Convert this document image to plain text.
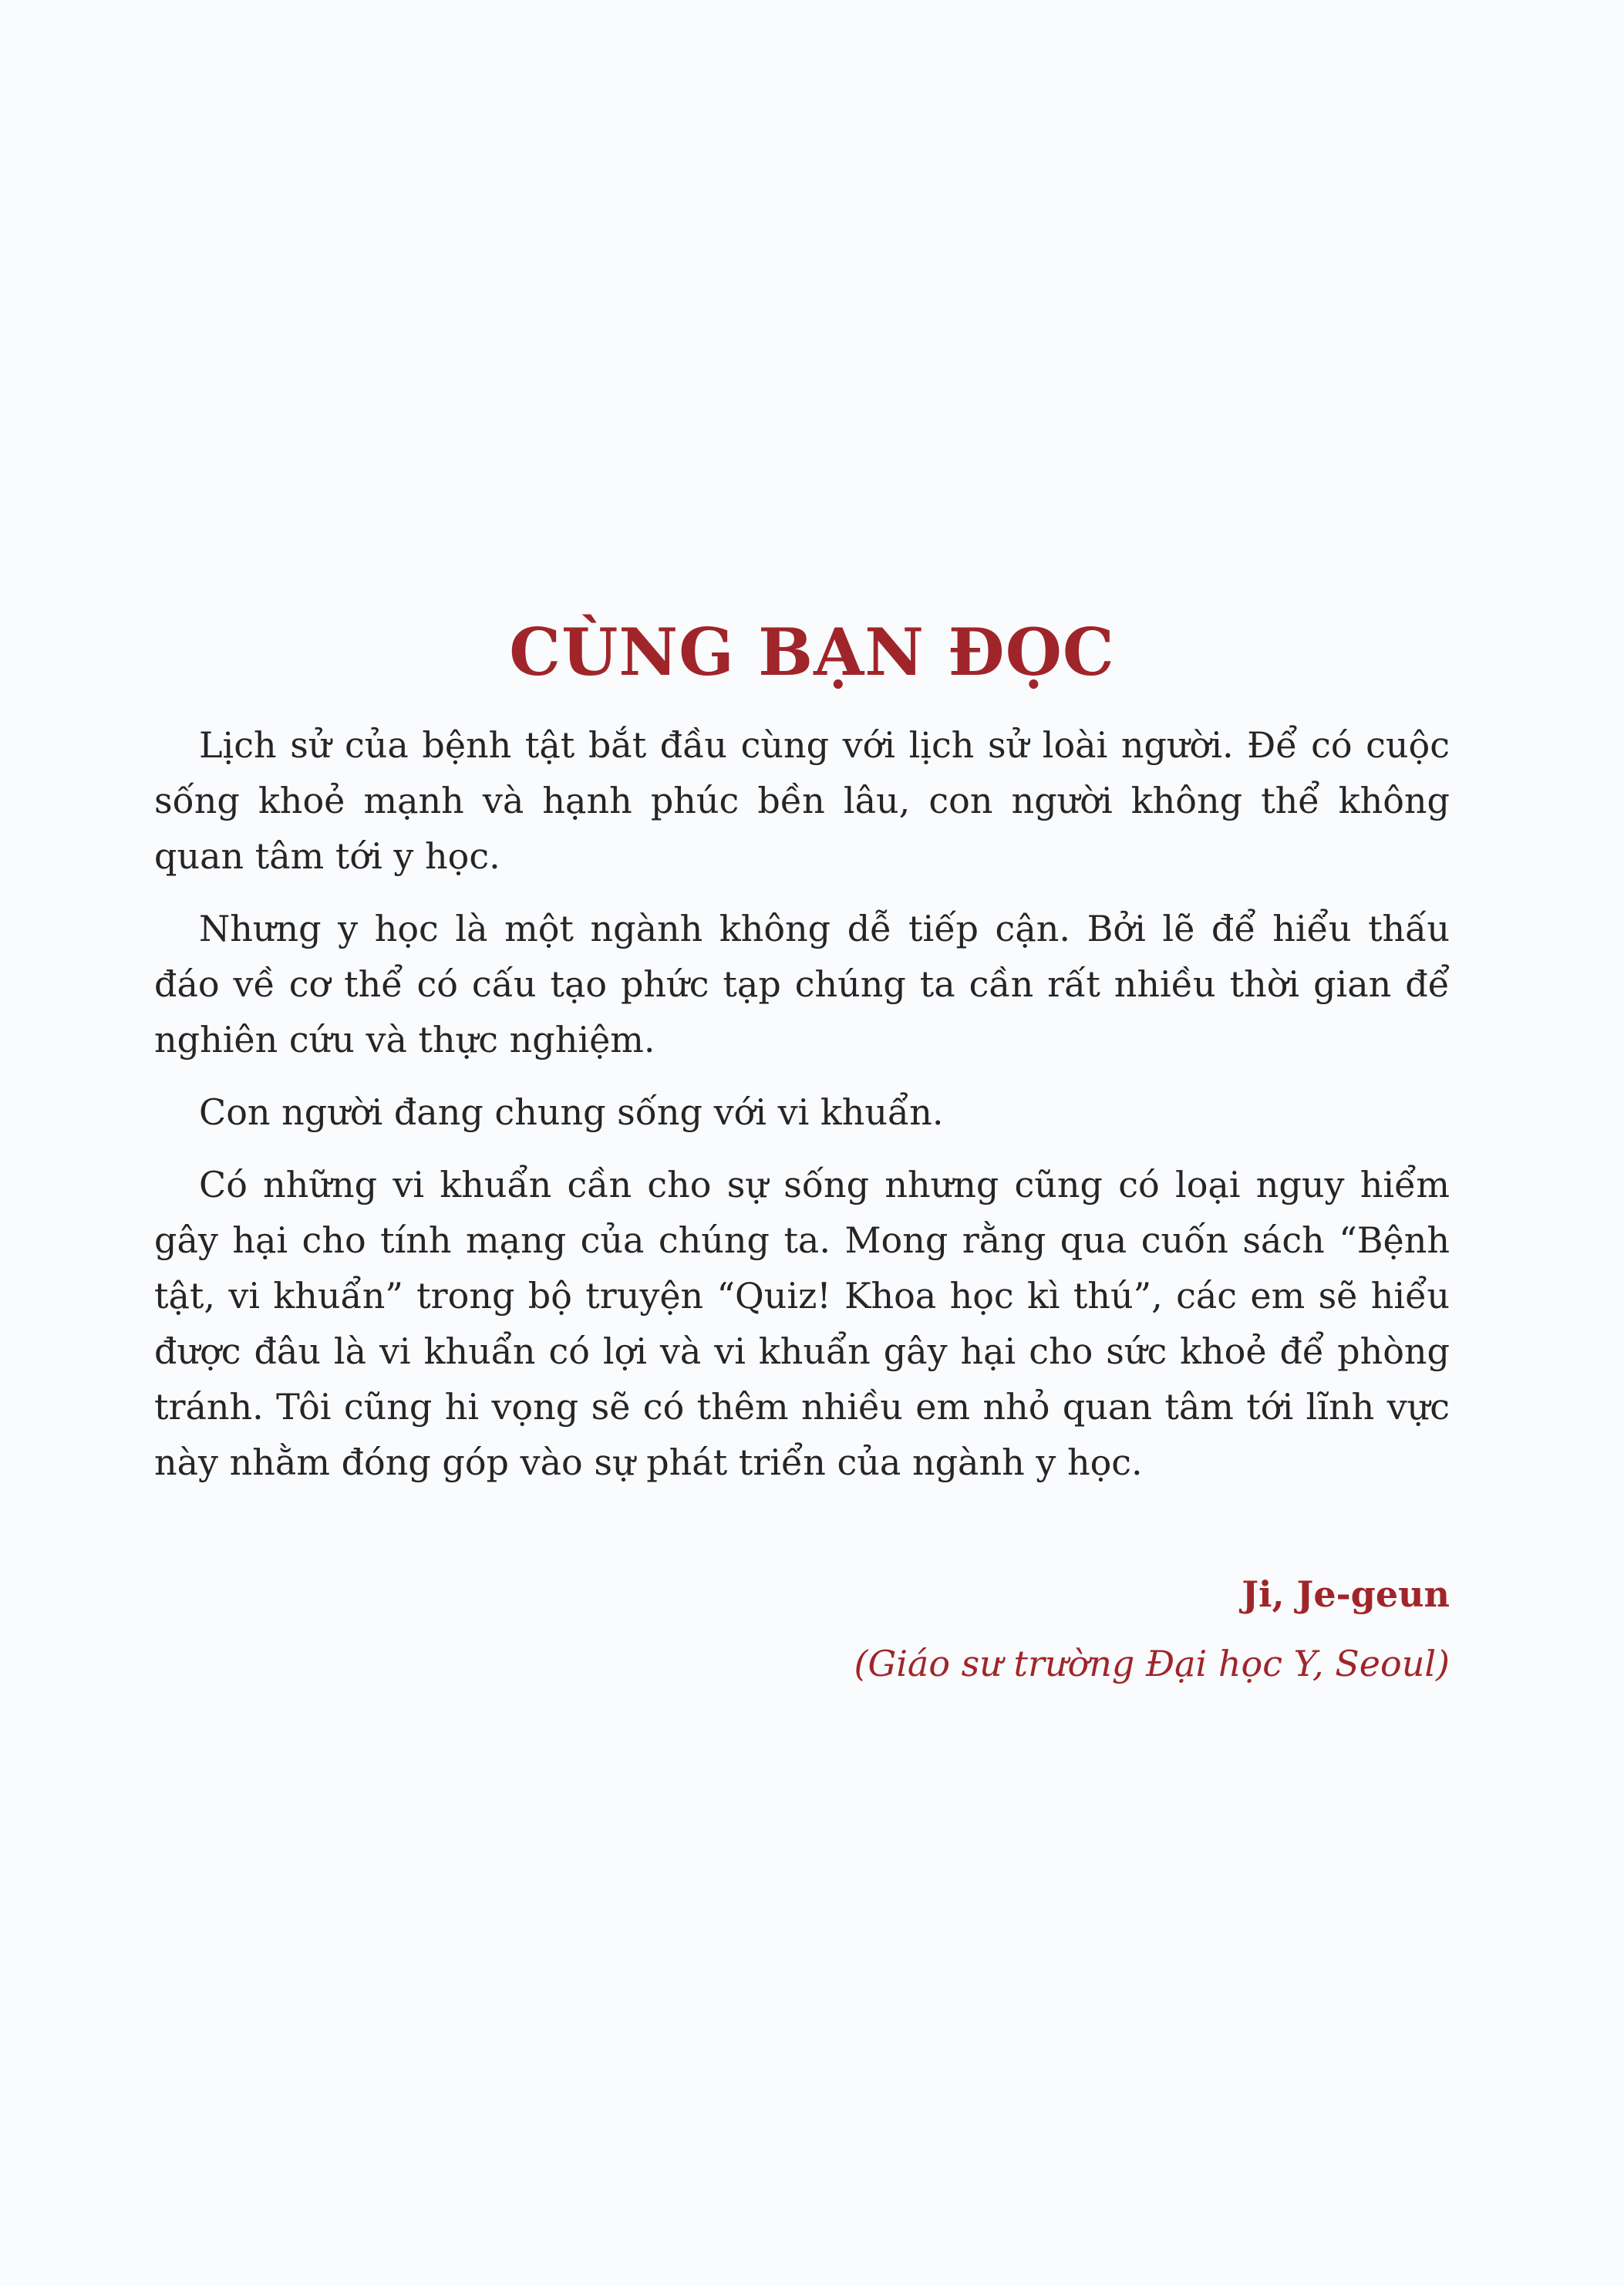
CÙNG BẠN ĐỌC

Lịch sử của bệnh tật bắt đầu cùng với lịch sử loài người. Để có cuộc sống khoẻ mạnh và hạnh phúc bền lâu, con người không thể không quan tâm tới y học.

Nhưng y học là một ngành không dễ tiếp cận. Bởi lẽ để hiểu thấu đáo về cơ thể có cấu tạo phức tạp chúng ta cần rất nhiều thời gian để nghiên cứu và thực nghiệm.

Con người đang chung sống với vi khuẩn.

Có những vi khuẩn cần cho sự sống nhưng cũng có loại nguy hiểm gây hại cho tính mạng của chúng ta. Mong rằng qua cuốn sách “Bệnh tật, vi khuẩn” trong bộ truyện “Quiz! Khoa học kì thú”, các em sẽ hiểu được đâu là vi khuẩn có lợi và vi khuẩn gây hại cho sức khoẻ để phòng tránh. Tôi cũng hi vọng sẽ có thêm nhiều em nhỏ quan tâm tới lĩnh vực này nhằm đóng góp vào sự phát triển của ngành y học.

Ji, Je-geun
(Giáo sư trường Đại học Y, Seoul)
